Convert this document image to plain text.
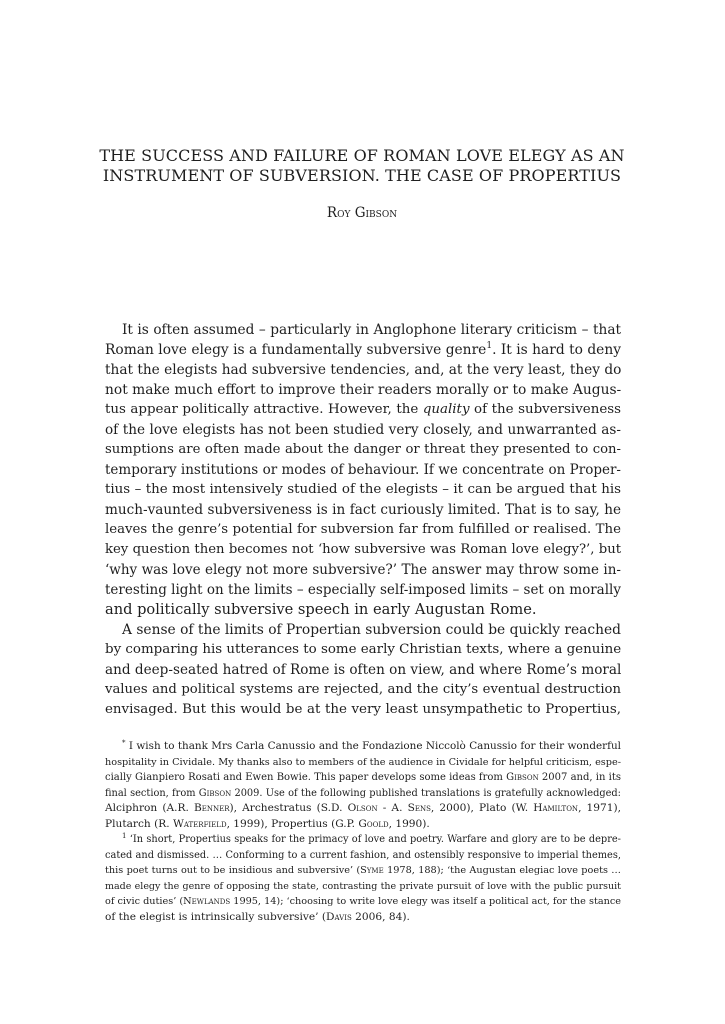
THE SUCCESS AND FAILURE OF ROMAN LOVE ELEGY AS AN
INSTRUMENT OF SUBVERSION. THE CASE OF PROPERTIUS
Roy Gibson
It is often assumed – particularly in Anglophone literary criticism – that
Roman love elegy is a fundamentally subversive genre$^1$. It is hard to deny
that the elegists had subversive tendencies, and, at the very least, they do
not make much effort to improve their readers morally or to make Augus-
tus appear politically attractive. However, the quality of the subversiveness
of the love elegists has not been studied very closely, and unwarranted as-
sumptions are often made about the danger or threat they presented to con-
temporary institutions or modes of behaviour. If we concentrate on Proper-
tius – the most intensively studied of the elegists – it can be argued that his
much-vaunted subversiveness is in fact curiously limited. That is to say, he
leaves the genre’s potential for subversion far from fulfilled or realised. The
key question then becomes not ‘how subversive was Roman love elegy?’, but
‘why was love elegy not more subversive?’ The answer may throw some in-
teresting light on the limits – especially self-imposed limits – set on morally
and politically subversive speech in early Augustan Rome.
A sense of the limits of Propertian subversion could be quickly reached
by comparing his utterances to some early Christian texts, where a genuine
and deep-seated hatred of Rome is often on view, and where Rome’s moral
values and political systems are rejected, and the city’s eventual destruction
envisaged. But this would be at the very least unsympathetic to Propertius,
* I wish to thank Mrs Carla Canussio and the Fondazione Niccolò Canussio for their wonderful
hospitality in Cividale. My thanks also to members of the audience in Cividale for helpful criticism, espe-
cially Gianpiero Rosati and Ewen Bowie. This paper develops some ideas from Gibson 2007 and, in its
final section, from Gibson 2009. Use of the following published translations is gratefully acknowledged:
Alciphron (A.R. Benner), Archestratus (S.D. Olson - A. Sens, 2000), Plato (W. Hamilton, 1971),
Plutarch (R. Waterfield, 1999), Propertius (G.P. Goold, 1990).
$^1$ ‘In short, Propertius speaks for the primacy of love and poetry. Warfare and glory are to be depre-
cated and dismissed. … Conforming to a current fashion, and ostensibly responsive to imperial themes,
this poet turns out to be insidious and subversive’ (Syme 1978, 188); ‘the Augustan elegiac love poets …
made elegy the genre of opposing the state, contrasting the private pursuit of love with the public pursuit
of civic duties’ (Newlands 1995, 14); ‘choosing to write love elegy was itself a political act, for the stance
of the elegist is intrinsically subversive’ (Davis 2006, 84).
